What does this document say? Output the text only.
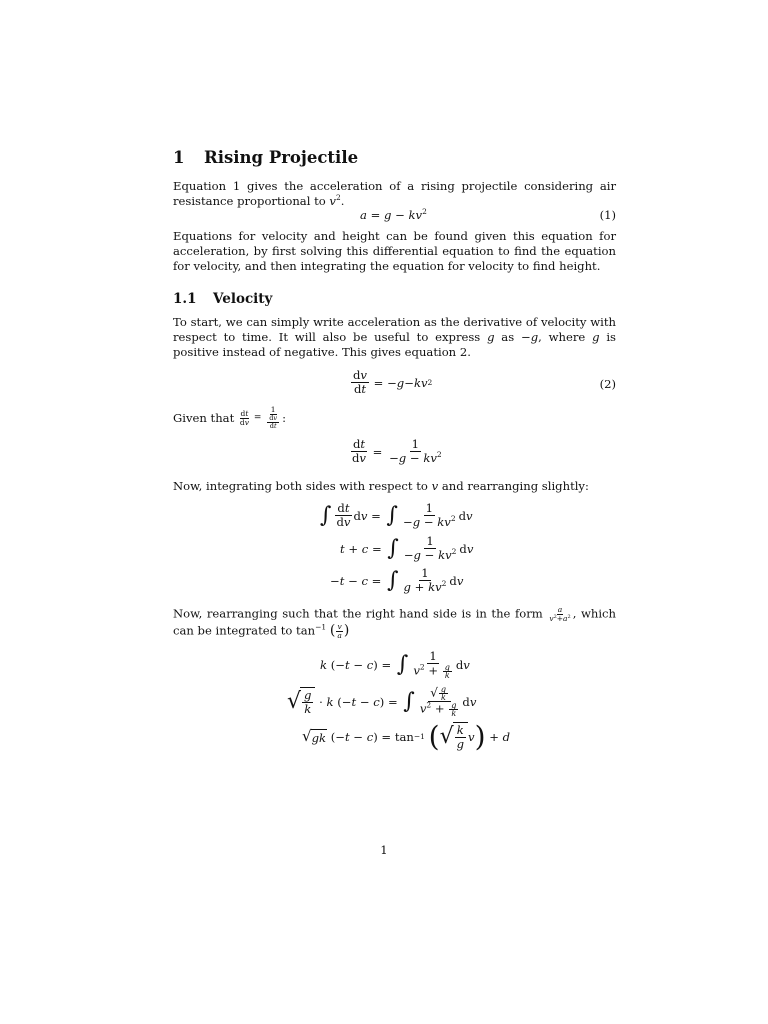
1 Rising Projectile
Equation 1 gives the acceleration of a rising projectile considering air resistance proportional to $v^2$.
$a = g - kv^2$	(1)
Equations for velocity and height can be found given this equation for acceleration, by first solving this differential equation to find the equation for velocity, and then integrating the equation for velocity to find height.
1.1 Velocity
To start, we can simply write acceleration as the derivative of velocity with respect to time. It will also be useful to express g as −g, where g is positive instead of negative. This gives equation 2.
$\frac{dv}{dt}$ = − g − kv 2	(2)
Given that
$\frac{dt}{dv} = \frac{1}{\frac{dv}{dt}}$ :
$\frac{dt}{dv} = \frac{1}{-g - kv^2}$
Now, integrating both sides with respect to v and rearranging slightly:
∫ $\frac{dt}{dv}$ d v = ∫ $\frac{1}{-g - kv^2}$ d v
t + c = ∫ $\frac{1}{-g - kv^2}$ d v
− t − c = ∫ $\frac{1}{g + kv^2}$ d v
Now, rearranging such that the right hand side is in the form $\frac{a}{v^2+a^2}$ , which can be integrated to $\tan^{-1}$ ( $\frac{v}{a}$ )
k (− t − c ) = ∫ $\frac{1}{v^2 + \frac{g}{k}}$ d v
√ $\frac{g}{k} \cdot k$ (− t − c ) = ∫ $\frac{√ \frac{g}{k}}{v^2 + \frac{g}{k}}$ d v
√ gk (− t − c ) = tan −1
( √ $\frac{k}{g}$ v ) + d
1
